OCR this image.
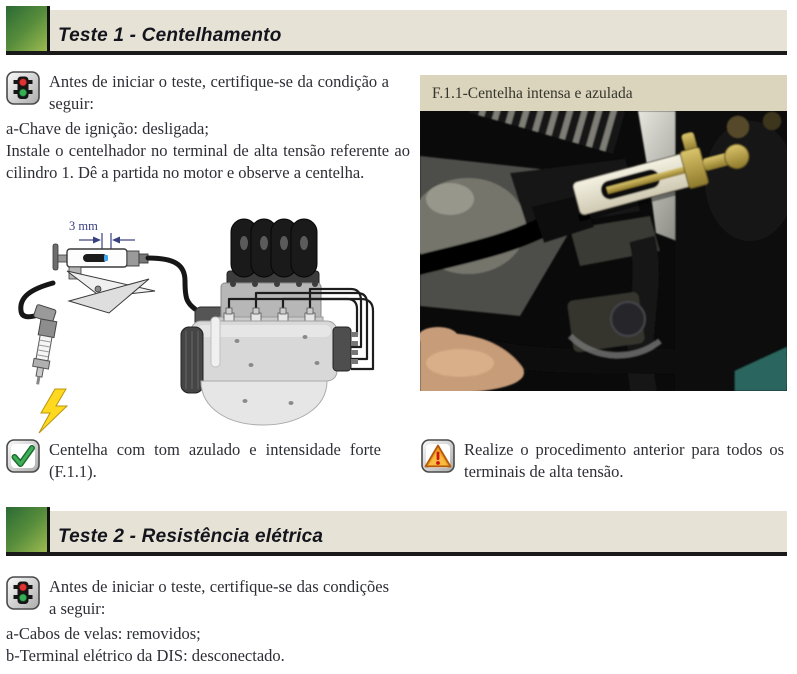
Teste 1 - Centelhamento

Antes de iniciar o teste, certifique-se da condição a seguir:

a-Chave de ignição: desligada;

Instale o centelhador no terminal de alta tensão referente ao cilindro 1. Dê a partida no motor e observe a centelha.

3 mm
F.1.1-Centelha intensa e azulada

Centelha com tom azulado e intensidade forte (F.1.1).

Realize o procedimento anterior para todos os terminais de alta tensão.

Teste 2 - Resistência elétrica

Antes de iniciar o teste, certifique-se das condições a seguir:

a-Cabos de velas: removidos;

b-Terminal elétrico da DIS: desconectado.
